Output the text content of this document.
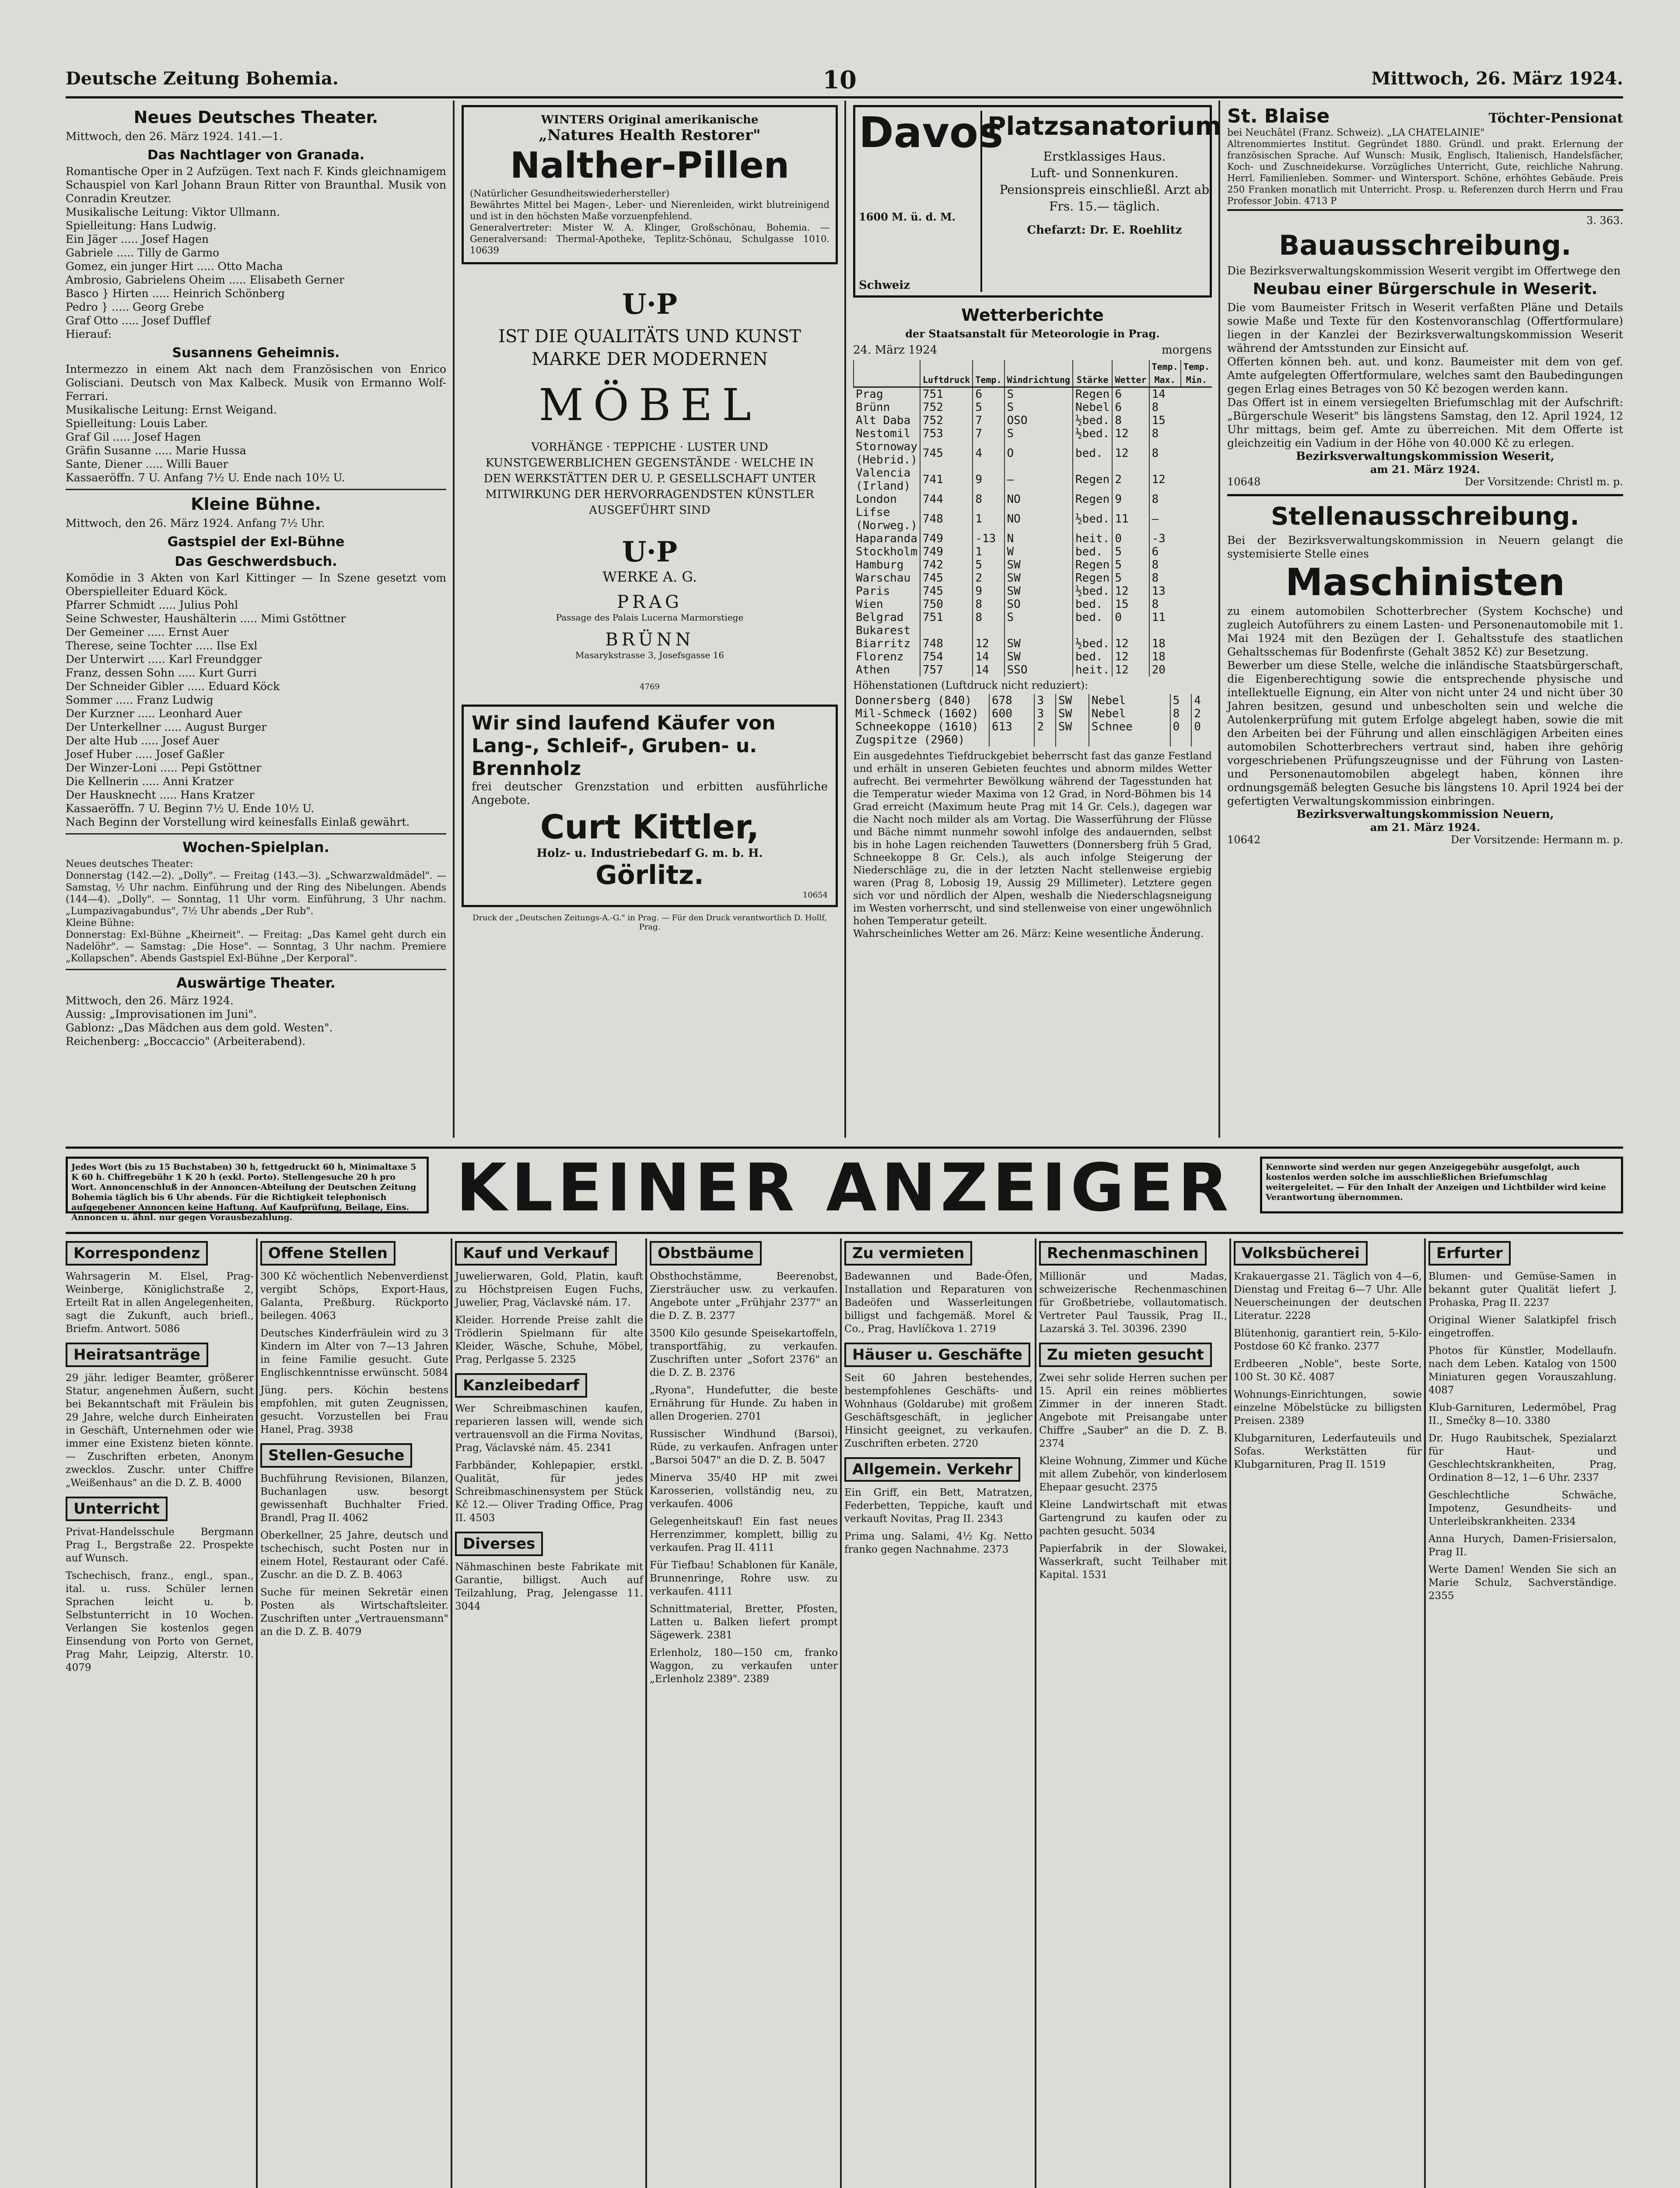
Deutsche Zeitung Bohemia.	10	Mittwoch, 26. März 1924.
Neues Deutsches Theater.

Mittwoch, den 26. März 1924. 141.—1.

Das Nachtlager von Granada.

Romantische Oper in 2 Aufzügen. Text nach F. Kinds gleichnamigem Schauspiel von Karl Johann Braun Ritter von Braunthal. Musik von Conradin Kreutzer.
Musikalische Leitung: Viktor Ullmann.
Spielleitung: Hans Ludwig.
Ein Jäger ..... Josef Hagen
Gabriele ..... Tilly de Garmo
Gomez, ein junger Hirt ..... Otto Macha
Ambrosio, Gabrielens Oheim ..... Elisabeth Gerner
Basco } Hirten ..... Heinrich Schönberg
Pedro } ..... Georg Grebe
Graf Otto ..... Josef Dufflef
Hierauf:

Susannens Geheimnis.

Intermezzo in einem Akt nach dem Französischen von Enrico Golisciani. Deutsch von Max Kalbeck. Musik von Ermanno Wolf-Ferrari.
Musikalische Leitung: Ernst Weigand.
Spielleitung: Louis Laber.
Graf Gil ..... Josef Hagen
Gräfin Susanne ..... Marie Hussa
Sante, Diener ..... Willi Bauer
Kassaeröffn. 7 U. Anfang 7½ U. Ende nach 10½ U.

Kleine Bühne.

Mittwoch, den 26. März 1924. Anfang 7½ Uhr.

Gastspiel der Exl-Bühne
Das Geschwerdsbuch.

Komödie in 3 Akten von Karl Kittinger — In Szene gesetzt vom Oberspielleiter Eduard Köck.
Pfarrer Schmidt ..... Julius Pohl
Seine Schwester, Haushälterin ..... Mimi Gstöttner
Der Gemeiner ..... Ernst Auer
Therese, seine Tochter ..... Ilse Exl
Der Unterwirt ..... Karl Freundgger
Franz, dessen Sohn ..... Kurt Gurri
Der Schneider Gibler ..... Eduard Köck
Sommer ..... Franz Ludwig
Der Kurzner ..... Leonhard Auer
Der Unterkellner ..... August Burger
Der alte Hub ..... Josef Auer
Josef Huber ..... Josef Gaßler
Der Winzer-Loni ..... Pepi Gstöttner
Die Kellnerin ..... Anni Kratzer
Der Hausknecht ..... Hans Kratzer
Kassaeröffn. 7 U. Beginn 7½ U. Ende 10½ U.
Nach Beginn der Vorstellung wird keinesfalls Einlaß gewährt.

Wochen-Spielplan.

Neues deutsches Theater:
Donnerstag (142.—2). „Dolly". — Freitag (143.—3). „Schwarzwaldmädel". — Samstag, ½ Uhr nachm. Einführung und der Ring des Nibelungen. Abends (144—4). „Dolly". — Sonntag, 11 Uhr vorm. Einführung, 3 Uhr nachm. „Lumpazivagabundus", 7½ Uhr abends „Der Rub".
Kleine Bühne:
Donnerstag: Exl-Bühne „Kheirneit". — Freitag: „Das Kamel geht durch ein Nadelöhr". — Samstag: „Die Hose". — Sonntag, 3 Uhr nachm. Premiere „Kollapschen". Abends Gastspiel Exl-Bühne „Der Kerporal".

Auswärtige Theater.

Mittwoch, den 26. März 1924.
Aussig: „Improvisationen im Juni".
Gablonz: „Das Mädchen aus dem gold. Westen".
Reichenberg: „Boccaccio" (Arbeiterabend).

WINTERS Original amerikanische
„Natures Health Restorer"
Nalther-Pillen

(Natürlicher Gesundheitswiederhersteller)
Bewährtes Mittel bei Magen-, Leber- und Nierenleiden, wirkt blutreinigend und ist in den höchsten Maße vorzuenpfehlend.
Generalvertreter: Mister W. A. Klinger, Großschönau, Bohemia. — Generalversand: Thermal-Apotheke, Teplitz-Schönau, Schulgasse 1010. 10639

U·P
IST DIE QUALITÄTS UND KUNST MARKE DER MODERNEN
MÖBEL
VORHÄNGE · TEPPICHE · LUSTER UND KUNSTGEWERBLICHEN GEGENSTÄNDE · WELCHE IN DEN WERKSTÄTTEN DER U. P. GESELLSCHAFT UNTER MITWIRKUNG DER HERVORRAGENDSTEN KÜNSTLER AUSGEFÜHRT SIND
U·P
WERKE A. G.
PRAG
Passage des Palais Lucerna Marmorstiege
BRÜNN
Masarykstrasse 3, Josefsgasse 16
4769
Wir sind laufend Käufer von Lang-, Schleif-, Gruben- u. Brennholz

frei deutscher Grenzstation und erbitten ausführliche Angebote.

Curt Kittler,
Holz- u. Industriebedarf G. m. b. H.
Görlitz.
10654
Druck der „Deutschen Zeitungs-A.-G." in Prag. — Für den Druck verantwortlich D. Hollf, Prag.
Davos
1600 M. ü. d. M.
Schweiz
Platzsanatorium

Erstklassiges Haus.
Luft- und Sonnenkuren.
Pensionspreis einschließl. Arzt ab Frs. 15.— täglich.

Chefarzt: Dr. E. Roehlitz
Wetterberichte
der Staatsanstalt für Meteorologie in Prag.
24. März 1924	morgens
	Luftdruck	Temp.	Windrichtung	Stärke	Wetter	Temp. Max.	Temp. Min.
Prag	751	6	S	Regen	6	14	
Brünn	752	5	S	Nebel	6	8	
Alt Daba	752	7	OSO	½bed.	8	15	
Nestomil	753	7	S	½bed.	12	8	
Stornoway (Hebrid.)	745	4	O	bed.	12	8	
Valencia (Irland)	741	9	—	Regen	2	12	
London	744	8	NO	Regen	9	8	
Lifse (Norweg.)	748	1	NO	½bed.	11	—	
Haparanda	749	-13	N	heit.	0	-3	
Stockholm	749	1	W	bed.	5	6	
Hamburg	742	5	SW	Regen	5	8	
Warschau	745	2	SW	Regen	5	8	
Paris	745	9	SW	½bed.	12	13	
Wien	750	8	SO	bed.	15	8	
Belgrad	751	8	S	bed.	0	11	
Bukarest							
Biarritz	748	12	SW	½bed.	12	18	
Florenz	754	14	SW	bed.	12	18	
Athen	757	14	SSO	heit.	12	20	
Höhenstationen (Luftdruck nicht reduziert):
Donnersberg (840)	678	3	SW	Nebel	5	4
Mil-Schmeck (1602)	600	3	SW	Nebel	8	2
Schneekoppe (1610)	613	2	SW	Schnee	0	0
Zugspitze (2960)						

Ein ausgedehntes Tiefdruckgebiet beherrscht fast das ganze Festland und erhält in unseren Gebieten feuchtes und abnorm mildes Wetter aufrecht. Bei vermehrter Bewölkung während der Tagesstunden hat die Temperatur wieder Maxima von 12 Grad, in Nord-Böhmen bis 14 Grad erreicht (Maximum heute Prag mit 14 Gr. Cels.), dagegen war die Nacht noch milder als am Vortag. Die Wasserführung der Flüsse und Bäche nimmt nunmehr sowohl infolge des andauernden, selbst bis in hohe Lagen reichenden Tauwetters (Donnersberg früh 5 Grad, Schneekoppe 8 Gr. Cels.), als auch infolge Steigerung der Niederschläge zu, die in der letzten Nacht stellenweise ergiebig waren (Prag 8, Lobosig 19, Aussig 29 Millimeter). Letztere gegen sich vor und nördlich der Alpen, weshalb die Niederschlagsneigung im Westen vorherrscht, und sind stellenweise von einer ungewöhnlich hohen Temperatur geteilt.

Wahrscheinliches Wetter am 26. März: Keine wesentliche Änderung.

St. Blaise	Töchter-Pensionat
bei Neuchâtel (Franz. Schweiz). „LA CHATELAINIE"

Altrenommiertes Institut. Gegründet 1880. Gründl. und prakt. Erlernung der französischen Sprache. Auf Wunsch: Musik, Englisch, Italienisch, Handelsfächer, Koch- und Zuschneidekurse. Vorzügliches Unterricht, Gute, reichliche Nahrung. Herrl. Familienleben. Sommer- und Wintersport. Schöne, erhöhtes Gebäude. Preis 250 Franken monatlich mit Unterricht. Prosp. u. Referenzen durch Herrn und Frau Professor Jobin. 4713 P

3. 363.
Bauausschreibung.

Die Bezirksverwaltungskommission Weserit vergibt im Offertwege den

Neubau einer Bürgerschule in Weserit.

Die vom Baumeister Fritsch in Weserit verfaßten Pläne und Details sowie Maße und Texte für den Kostenvoranschlag (Offertformulare) liegen in der Kanzlei der Bezirksverwaltungskommission Weserit während der Amtsstunden zur Einsicht auf.
Offerten können beh. aut. und konz. Baumeister mit dem von gef. Amte aufgelegten Offertformulare, welches samt den Baubedingungen gegen Erlag eines Betrages von 50 Kč bezogen werden kann.
Das Offert ist in einem versiegelten Briefumschlag mit der Aufschrift: „Bürgerschule Weserit" bis längstens Samstag, den 12. April 1924, 12 Uhr mittags, beim gef. Amte zu überreichen. Mit dem Offerte ist gleichzeitig ein Vadium in der Höhe von 40.000 Kč zu erlegen.

Bezirksverwaltungskommission Weserit,
am 21. März 1924.
10648	Der Vorsitzende: Christl m. p.
Stellenausschreibung.

Bei der Bezirksverwaltungskommission in Neuern gelangt die systemisierte Stelle eines

Maschinisten

zu einem automobilen Schotterbrecher (System Kochsche) und zugleich Autoführers zu einem Lasten- und Personenautomobile mit 1. Mai 1924 mit den Bezügen der I. Gehaltsstufe des staatlichen Gehaltsschemas für Bodenfirste (Gehalt 3852 Kč) zur Besetzung.
Bewerber um diese Stelle, welche die inländische Staatsbürgerschaft, die Eigenberechtigung sowie die entsprechende physische und intellektuelle Eignung, ein Alter von nicht unter 24 und nicht über 30 Jahren besitzen, gesund und unbescholten sein und welche die Autolenkerprüfung mit gutem Erfolge abgelegt haben, sowie die mit den Arbeiten bei der Führung und allen einschlägigen Arbeiten eines automobilen Schotterbrechers vertraut sind, haben ihre gehörig vorgeschriebenen Prüfungszeugnisse und der Führung von Lasten- und Personenautomobilen abgelegt haben, können ihre ordnungsgemäß belegten Gesuche bis längstens 10. April 1924 bei der gefertigten Verwaltungskommission einbringen.

Bezirksverwaltungskommission Neuern,
am 21. März 1924.
10642	Der Vorsitzende: Hermann m. p.
Jedes Wort (bis zu 15 Buchstaben) 30 h, fettgedruckt 60 h, Minimaltaxe 5 K 60 h. Chiffregebühr 1 K 20 h (exkl. Porto). Stellengesuche 20 h pro Wort. Annoncenschluß in der Annoncen-Abteilung der Deutschen Zeitung Bohemia täglich bis 6 Uhr abends. Für die Richtigkeit telephonisch aufgegebener Annoncen keine Haftung. Auf Kaufprüfung, Beilage, Eins. Annoncen u. ähnl. nur gegen Vorausbezahlung.	KLEINER ANZEIGER	Kennworte sind werden nur gegen Anzeigegebühr ausgefolgt, auch kostenlos werden solche im ausschließlichen Briefumschlag weitergeleitet. — Für den Inhalt der Anzeigen und Lichtbilder wird keine Verantwortung übernommen.
Korrespondenz

Wahrsagerin M. Elsel, Prag-Weinberge, Königlichstraße 2, Erteilt Rat in allen Angelegenheiten, sagt die Zukunft, auch briefl., Briefm. Antwort. 5086

Heiratsanträge

29 jähr. lediger Beamter, größerer Statur, angenehmen Äußern, sucht bei Bekanntschaft mit Fräulein bis 29 Jahre, welche durch Einheiraten in Geschäft, Unternehmen oder wie immer eine Existenz bieten könnte. — Zuschriften erbeten, Anonym zwecklos. Zuschr. unter Chiffre „Weißenhaus" an die D. Z. B. 4000

Unterricht

Privat-Handelsschule Bergmann Prag I., Bergstraße 22. Prospekte auf Wunsch.

Tschechisch, franz., engl., span., ital. u. russ. Schüler lernen Sprachen leicht u. b. Selbstunterricht in 10 Wochen. Verlangen Sie kostenlos gegen Einsendung von Porto von Gernet, Prag Mahr, Leipzig, Alterstr. 10. 4079

Offene Stellen

300 Kč wöchentlich Nebenverdienst vergibt Schöps, Export-Haus, Galanta, Preßburg. Rückporto beilegen. 4063

Deutsches Kinderfräulein wird zu 3 Kindern im Alter von 7—13 Jahren in feine Familie gesucht. Gute Englischkenntnisse erwünscht. 5084

Jüng. pers. Köchin bestens empfohlen, mit guten Zeugnissen, gesucht. Vorzustellen bei Frau Hanel, Prag. 3938

Stellen-Gesuche

Buchführung Revisionen, Bilanzen, Buchanlagen usw. besorgt gewissenhaft Buchhalter Fried. Brandl, Prag II. 4062

Oberkellner, 25 Jahre, deutsch und tschechisch, sucht Posten nur in einem Hotel, Restaurant oder Café. Zuschr. an die D. Z. B. 4063

Suche für meinen Sekretär einen Posten als Wirtschaftsleiter. Zuschriften unter „Vertrauensmann" an die D. Z. B. 4079

Kauf und Verkauf

Juwelierwaren, Gold, Platin, kauft zu Höchstpreisen Eugen Fuchs, Juwelier, Prag, Václavské nám. 17.

Kleider. Horrende Preise zahlt die Trödlerin Spielmann für alte Kleider, Wäsche, Schuhe, Möbel, Prag, Perlgasse 5. 2325

Kanzleibedarf

Wer Schreibmaschinen kaufen, reparieren lassen will, wende sich vertrauensvoll an die Firma Novitas, Prag, Václavské nám. 45. 2341

Farbbänder, Kohlepapier, erstkl. Qualität, für jedes Schreibmaschinensystem per Stück Kč 12.— Oliver Trading Office, Prag II. 4503

Diverses

Nähmaschinen beste Fabrikate mit Garantie, billigst. Auch auf Teilzahlung, Prag, Jelengasse 11. 3044

Obstbäume

Obsthochstämme, Beerenobst, Ziersträucher usw. zu verkaufen. Angebote unter „Frühjahr 2377" an die D. Z. B. 2377

3500 Kilo gesunde Speisekartoffeln, transportfähig, zu verkaufen. Zuschriften unter „Sofort 2376" an die D. Z. B. 2376

„Ryona", Hundefutter, die beste Ernährung für Hunde. Zu haben in allen Drogerien. 2701

Russischer Windhund (Barsoi), Rüde, zu verkaufen. Anfragen unter „Barsoi 5047" an die D. Z. B. 5047

Minerva 35/40 HP mit zwei Karosserien, vollständig neu, zu verkaufen. 4006

Gelegenheitskauf! Ein fast neues Herrenzimmer, komplett, billig zu verkaufen. Prag II. 4111

Für Tiefbau! Schablonen für Kanäle, Brunnenringe, Rohre usw. zu verkaufen. 4111

Schnittmaterial, Bretter, Pfosten, Latten u. Balken liefert prompt Sägewerk. 2381

Erlenholz, 180—150 cm, franko Waggon, zu verkaufen unter „Erlenholz 2389". 2389

Zu vermieten

Badewannen und Bade-Öfen, Installation und Reparaturen von Badeöfen und Wasserleitungen billigst und fachgemäß. Morel & Co., Prag, Havlíčkova 1. 2719

Häuser u. Geschäfte

Seit 60 Jahren bestehendes, bestempfohlenes Geschäfts- und Wohnhaus (Goldarube) mit großem Geschäftsgeschäft, in jeglicher Hinsicht geeignet, zu verkaufen. Zuschriften erbeten. 2720

Allgemein. Verkehr

Ein Griff, ein Bett, Matratzen, Federbetten, Teppiche, kauft und verkauft Novitas, Prag II. 2343

Prima ung. Salami, 4½ Kg. Netto franko gegen Nachnahme. 2373

Rechenmaschinen

Millionär und Madas, schweizerische Rechenmaschinen für Großbetriebe, vollautomatisch. Vertreter Paul Taussik, Prag II., Lazarská 3. Tel. 30396. 2390

Zu mieten gesucht

Zwei sehr solide Herren suchen per 15. April ein reines möbliertes Zimmer in der inneren Stadt. Angebote mit Preisangabe unter Chiffre „Sauber" an die D. Z. B. 2374

Kleine Wohnung, Zimmer und Küche mit allem Zubehör, von kinderlosem Ehepaar gesucht. 2375

Kleine Landwirtschaft mit etwas Gartengrund zu kaufen oder zu pachten gesucht. 5034

Papierfabrik in der Slowakei, Wasserkraft, sucht Teilhaber mit Kapital. 1531

Volksbücherei

Krakauergasse 21. Täglich von 4—6, Dienstag und Freitag 6—7 Uhr. Alle Neuerscheinungen der deutschen Literatur. 2228

Blütenhonig, garantiert rein, 5-Kilo-Postdose 60 Kč franko. 2377

Erdbeeren „Noble", beste Sorte, 100 St. 30 Kč. 4087

Wohnungs-Einrichtungen, sowie einzelne Möbelstücke zu billigsten Preisen. 2389

Klubgarnituren, Lederfauteuils und Sofas. Werkstätten für Klubgarnituren, Prag II. 1519

Erfurter

Blumen- und Gemüse-Samen in bekannt guter Qualität liefert J. Prohaska, Prag II. 2237

Original Wiener Salatkipfel frisch eingetroffen.

Photos für Künstler, Modellaufn. nach dem Leben. Katalog von 1500 Miniaturen gegen Vorauszahlung. 4087

Klub-Garnituren, Ledermöbel, Prag II., Smečky 8—10. 3380

Dr. Hugo Raubitschek, Spezialarzt für Haut- und Geschlechtskrankheiten, Prag, Ordination 8—12, 1—6 Uhr. 2337

Geschlechtliche Schwäche, Impotenz, Gesundheits- und Unterleibskrankheiten. 2334

Anna Hurych, Damen-Frisiersalon, Prag II.

Werte Damen! Wenden Sie sich an Marie Schulz, Sachverständige. 2355
